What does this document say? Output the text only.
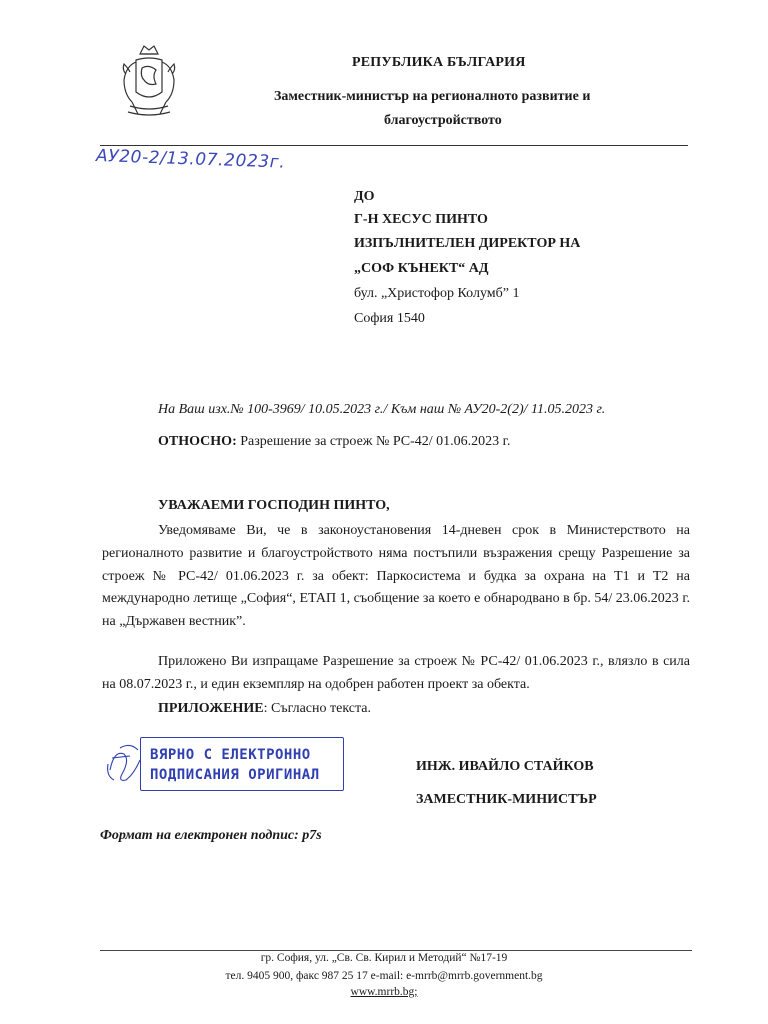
РЕПУБЛИКА БЪЛГАРИЯ
Заместник-министър на регионалното развитие и
благоустройството
АУ20-2/13.07.2023г.
ДО
Г-Н ХЕСУС ПИНТО
ИЗПЪЛНИТЕЛЕН ДИРЕКТОР НА
„СОФ КЪНЕКТ“ АД
бул. „Христофор Колумб” 1
София 1540
На Ваш изх.№ 100-3969/ 10.05.2023 г./ Към наш № АУ20-2(2)/ 11.05.2023 г.
ОТНОСНО: Разрешение за строеж № РС-42/ 01.06.2023 г.
УВАЖАЕМИ ГОСПОДИН ПИНТО,
Уведомяваме Ви, че в законоустановения 14-дневен срок в Министерството на регионалното развитие и благоустройството няма постъпили възражения срещу Разрешение за строеж № РС-42/ 01.06.2023 г. за обект: Паркосистема и будка за охрана на Т1 и Т2 на международно летище „София“, ЕТАП 1, съобщение за което е обнародвано в бр. 54/ 23.06.2023 г. на „Държавен вестник”.
Приложено Ви изпращаме Разрешение за строеж № РС-42/ 01.06.2023 г., влязло в сила на 08.07.2023 г., и един екземпляр на одобрен работен проект за обекта.
ПРИЛОЖЕНИЕ: Съгласно текста.
ВЯРНО С ЕЛЕКТРОННО
ПОДПИСАНИЯ ОРИГИНАЛ
ИНЖ. ИВАЙЛО СТАЙКОВ
ЗАМЕСТНИК-МИНИСТЪР
Формат на електронен подпис: p7s
гр. София, ул. „Св. Св. Кирил и Методий“ №17-19
тел. 9405 900, факс 987 25 17 e-mail: e-mrrb@mrrb.government.bg
www.mrrb.bg;
